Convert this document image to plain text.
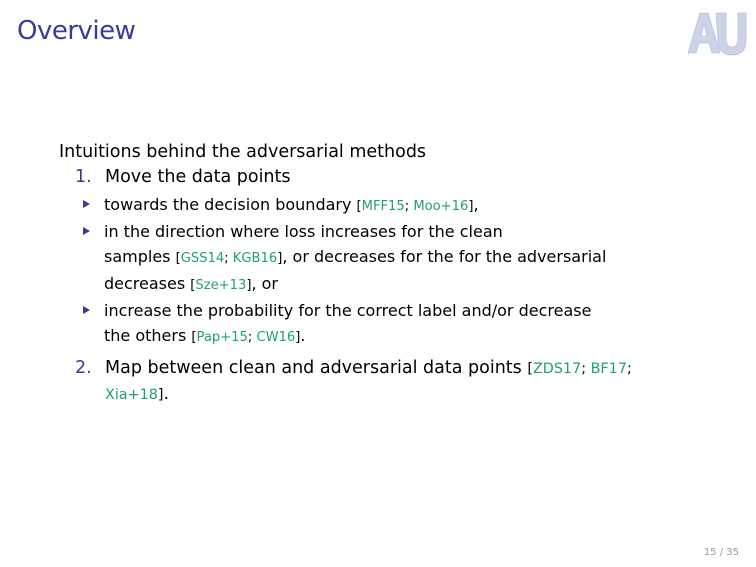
Overview

Intuitions behind the adversarial methods

1. Move the data points
towards the decision boundary [MFF15; Moo+16],
in the direction where loss increases for the clean
samples [GSS14; KGB16], or decreases for the for the adversarial
decreases [Sze+13], or
increase the probability for the correct label and/or decrease
the others [Pap+15; CW16].
2. Map between clean and adversarial data points [ZDS17; BF17;
Xia+18].
15 / 35
